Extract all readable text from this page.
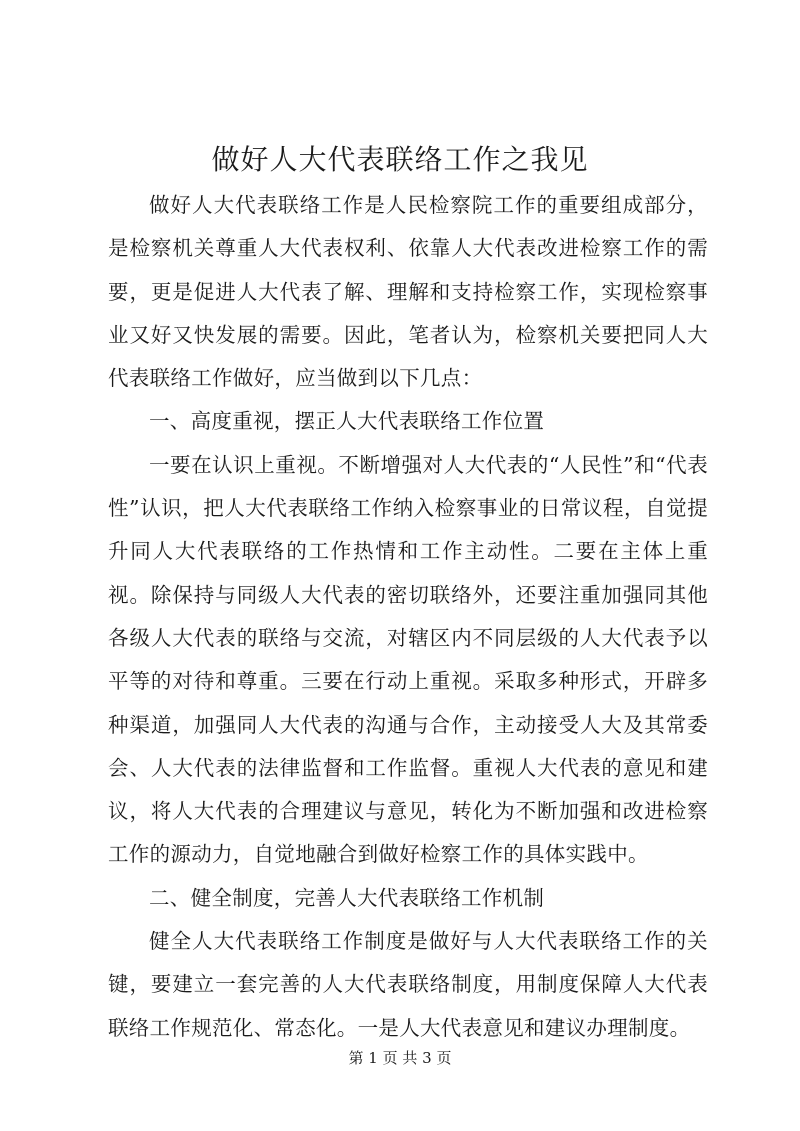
做好人大代表联络工作之我见

做好人大代表联络工作是人民检察院工作的重要组成部分，是检察机关尊重人大代表权利、依靠人大代表改进检察工作的需要，更是促进人大代表了解、理解和支持检察工作，实现检察事业又好又快发展的需要。因此，笔者认为，检察机关要把同人大代表联络工作做好，应当做到以下几点：

一、高度重视，摆正人大代表联络工作位置

一要在认识上重视。不断增强对人大代表的“人民性”和“代表性”认识，把人大代表联络工作纳入检察事业的日常议程，自觉提升同人大代表联络的工作热情和工作主动性。二要在主体上重视。除保持与同级人大代表的密切联络外，还要注重加强同其他各级人大代表的联络与交流，对辖区内不同层级的人大代表予以平等的对待和尊重。三要在行动上重视。采取多种形式，开辟多种渠道，加强同人大代表的沟通与合作，主动接受人大及其常委会、人大代表的法律监督和工作监督。重视人大代表的意见和建议，将人大代表的合理建议与意见，转化为不断加强和改进检察工作的源动力，自觉地融合到做好检察工作的具体实践中。

二、健全制度，完善人大代表联络工作机制

健全人大代表联络工作制度是做好与人大代表联络工作的关键，要建立一套完善的人大代表联络制度，用制度保障人大代表联络工作规范化、常态化。一是人大代表意见和建议办理制度。

第 1 页 共 3 页
